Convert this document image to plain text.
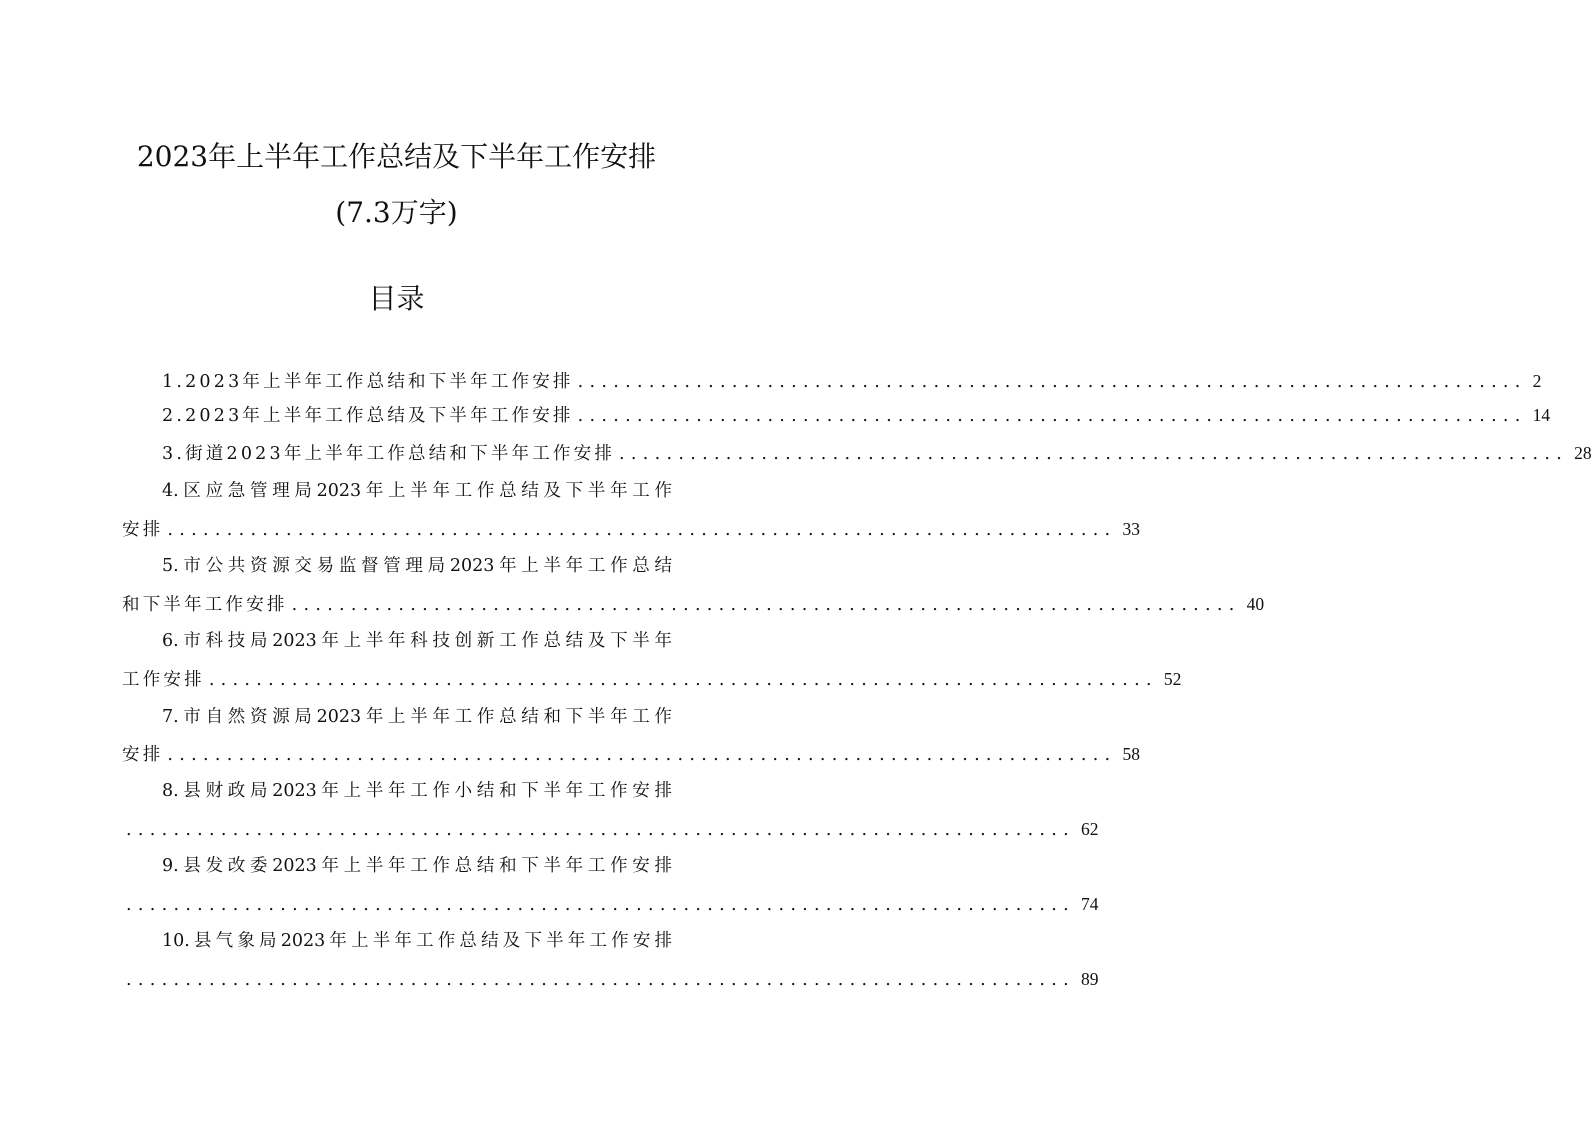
2023年上半年工作总结及下半年工作安排
(7.3万字)
目录
1.2023年上半年工作总结和下半年工作安排 ................................................................................ 2
2.2023年上半年工作总结及下半年工作安排 ................................................................................ 14
3.街道2023年上半年工作总结和下半年工作安排 ................................................................................ 28
4.区应急管理局2023年上半年工作总结及下半年工作
安排 ................................................................................ 33
5.市公共资源交易监督管理局2023年上半年工作总结
和下半年工作安排 ................................................................................ 40
6.市科技局2023年上半年科技创新工作总结及下半年
工作安排 ................................................................................ 52
7.市自然资源局2023年上半年工作总结和下半年工作
安排 ................................................................................ 58
8.县财政局2023年上半年工作小结和下半年工作安排
................................................................................ 62
9.县发改委2023年上半年工作总结和下半年工作安排
................................................................................ 74
10.县气象局2023年上半年工作总结及下半年工作安排
................................................................................ 89
